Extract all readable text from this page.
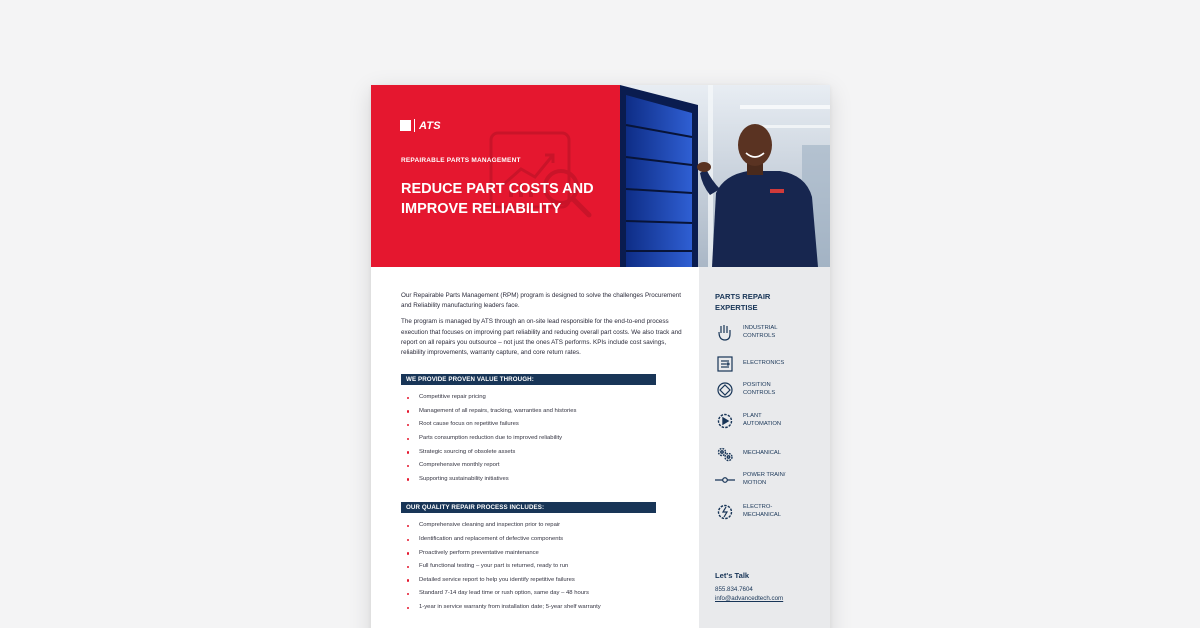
ATS
REPAIRABLE PARTS MANAGEMENT
REDUCE PART COSTS AND IMPROVE RELIABILITY

Our Repairable Parts Management (RPM) program is designed to solve the challenges Procurement and Reliability manufacturing leaders face.

The program is managed by ATS through an on-site lead responsible for the end-to-end process execution that focuses on improving part reliability and reducing overall part costs. We also track and report on all repairs you outsource – not just the ones ATS performs. KPIs include cost savings, reliability improvements, warranty capture, and core return rates.

WE PROVIDE PROVEN VALUE THROUGH:
Competitive repair pricing
Management of all repairs, tracking, warranties and histories
Root cause focus on repetitive failures
Parts consumption reduction due to improved reliability
Strategic sourcing of obsolete assets
Comprehensive monthly report
Supporting sustainability initiatives
OUR QUALITY REPAIR PROCESS INCLUDES:
Comprehensive cleaning and inspection prior to repair
Identification and replacement of defective components
Proactively perform preventative maintenance
Full functional testing – your part is returned, ready to run
Detailed service report to help you identify repetitive failures
Standard 7-14 day lead time or rush option, same day – 48 hours
1-year in service warranty from installation date; 5-year shelf warranty
PARTS REPAIR
EXPERTISE
INDUSTRIAL
CONTROLS
ELECTRONICS
POSITION
CONTROLS
PLANT
AUTOMATION
MECHANICAL
POWER TRAIN/
MOTION
ELECTRO-
MECHANICAL
Let's Talk
855.834.7604
info@advancedtech.com
